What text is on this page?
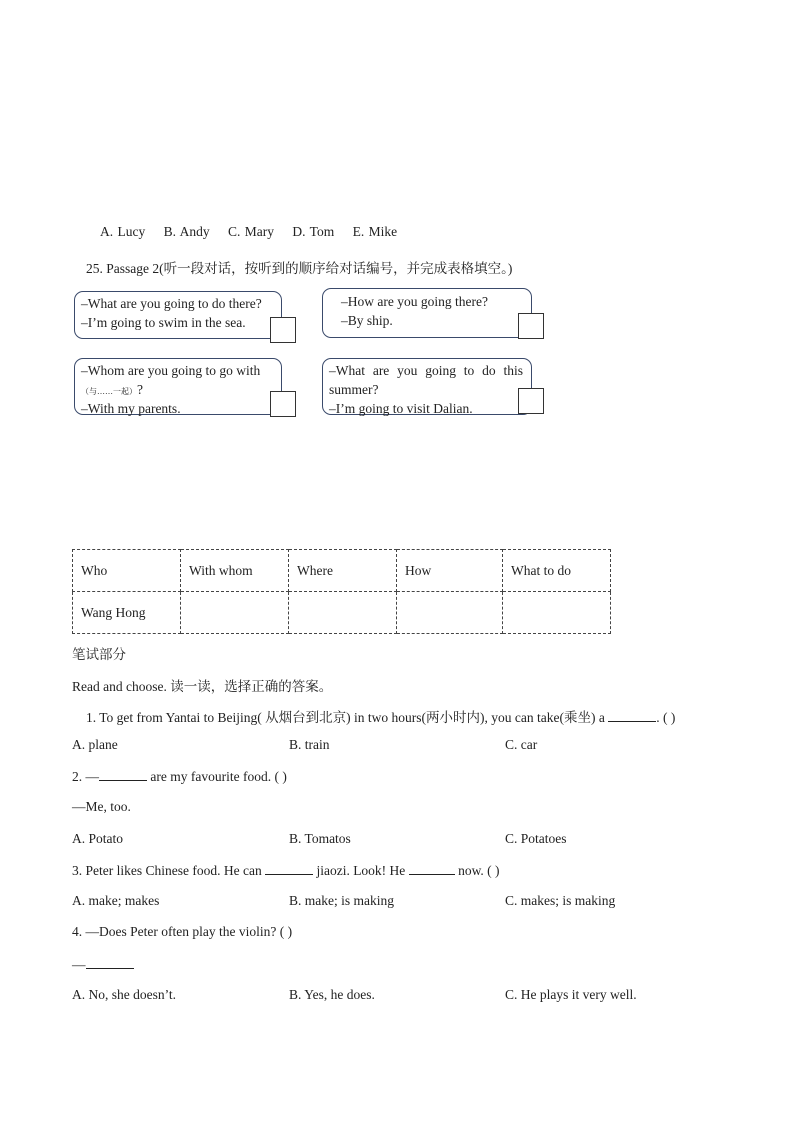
A. Lucy B. Andy C. Mary D. Tom E. Mike
25. Passage 2(听一段对话，按听到的顺序给对话编号，并完成表格填空。)
–What are you going to do there?
–I’m going to swim in the sea.
–How are you going there?
–By ship.
–Whom are you going to go with
（与……一起）?
–With my parents.
–What are you going to do this
summer?
–I’m going to visit Dalian.
Who	With whom	Where	How	What to do
Wang Hong				
笔试部分
Read and choose. 读一读，选择正确的答案。
1. To get from Yantai to Beijing( 从烟台到北京) in two hours(两小时内), you can take(乘坐) a	. ( )
A. plane	B. train	C. car
2. —	are my favourite food. ( )
—Me, too.
A. Potato	B. Tomatos	C. Potatoes
3. Peter likes Chinese food. He can	jiaozi. Look! He	now. ( )
A. make; makes	B. make; is making	C. makes; is making
4. —Does Peter often play the violin? ( )
—
A. No, she doesn’t.	B. Yes, he does.	C. He plays it very well.
